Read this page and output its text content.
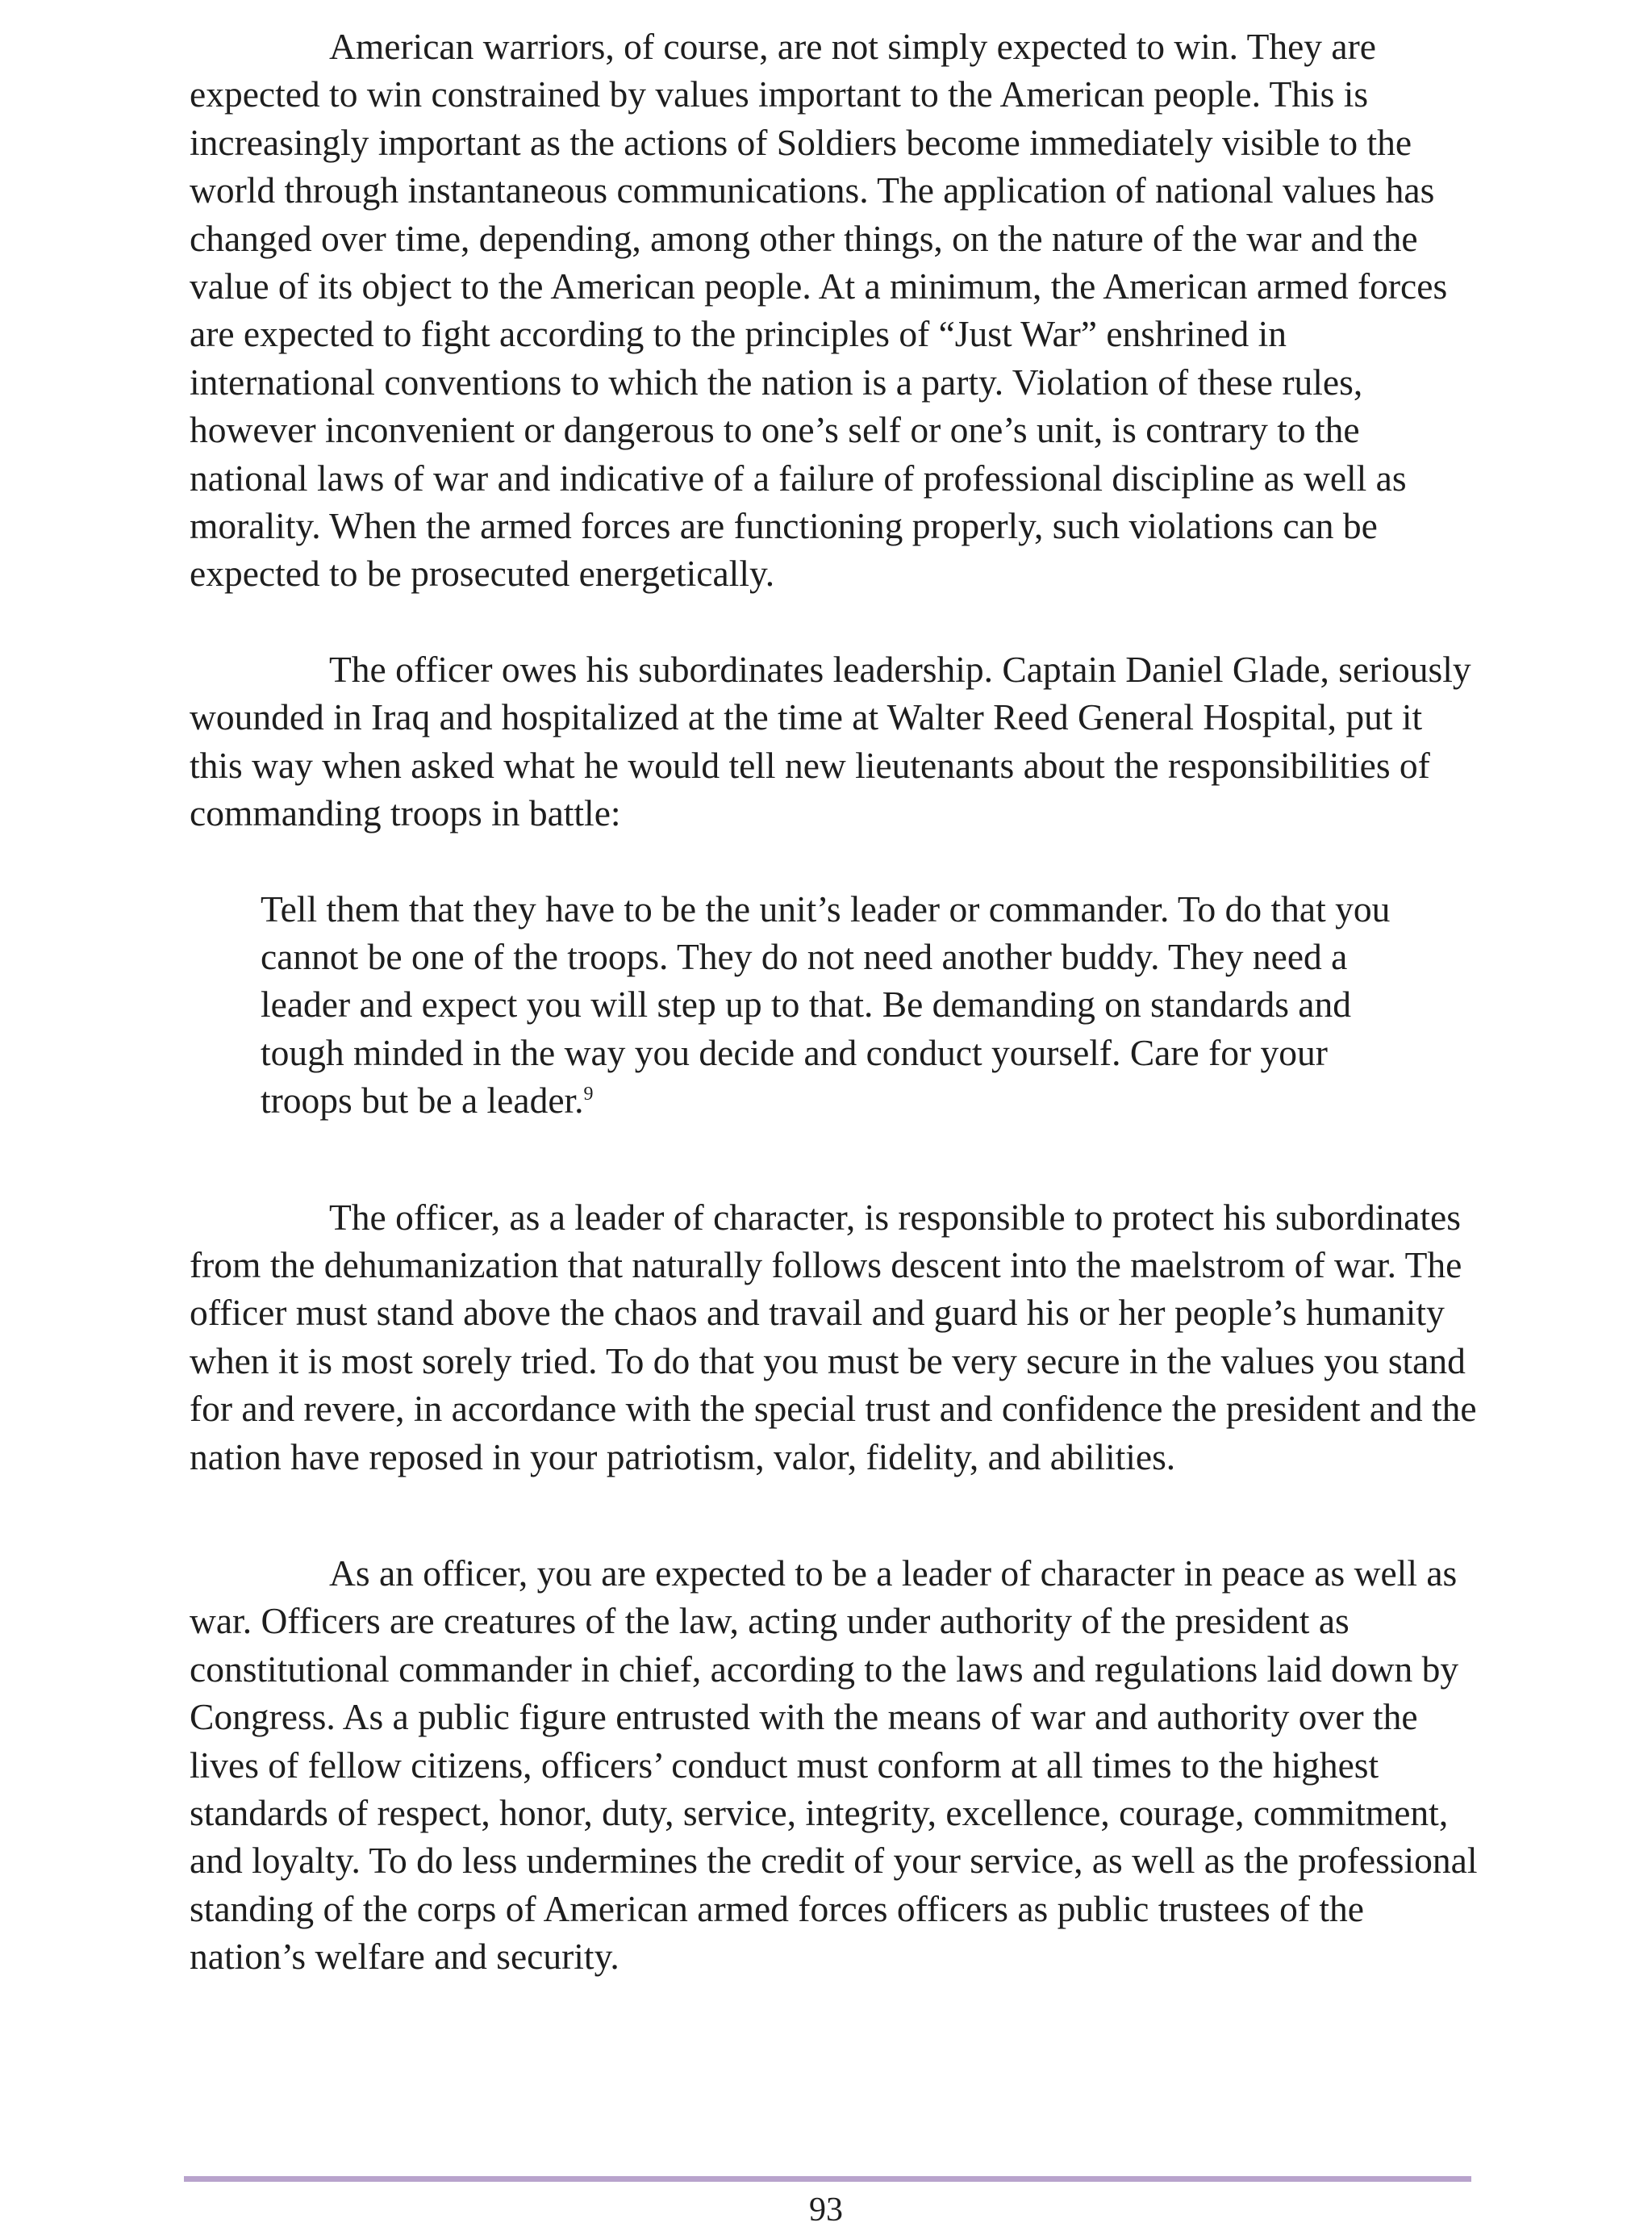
American warriors, of course, are not simply expected to win. They are expected to win constrained by values important to the American people. This is increasingly important as the actions of Soldiers become immediately visible to the world through instantaneous communications. The application of national values has changed over time, depending, among other things, on the nature of the war and the value of its object to the American people. At a minimum, the American armed forces are expected to fight according to the principles of “Just War” enshrined in international conventions to which the nation is a party. Violation of these rules, however inconvenient or dangerous to one’s self or one’s unit, is contrary to the national laws of war and indicative of a failure of professional discipline as well as morality. When the armed forces are functioning properly, such violations can be expected to be prosecuted energetically.

The officer owes his subordinates leadership. Captain Daniel Glade, seriously wounded in Iraq and hospitalized at the time at Walter Reed General Hospital, put it this way when asked what he would tell new lieutenants about the responsibilities of commanding troops in battle:

Tell them that they have to be the unit’s leader or commander. To do that you cannot be one of the troops. They do not need another buddy. They need a leader and expect you will step up to that. Be demanding on standards and tough minded in the way you decide and conduct yourself. Care for your troops but be a leader.$^9$

The officer, as a leader of character, is responsible to protect his subordinates from the dehumanization that naturally follows descent into the maelstrom of war. The officer must stand above the chaos and travail and guard his or her people’s humanity when it is most sorely tried. To do that you must be very secure in the values you stand for and revere, in accordance with the special trust and confidence the president and the nation have reposed in your patriotism, valor, fidelity, and abilities.

As an officer, you are expected to be a leader of character in peace as well as war. Officers are creatures of the law, acting under authority of the president as constitutional commander in chief, according to the laws and regulations laid down by Congress. As a public figure entrusted with the means of war and authority over the lives of fellow citizens, officers’ conduct must conform at all times to the highest standards of respect, honor, duty, service, integrity, excellence, courage, commitment, and loyalty. To do less undermines the credit of your service, as well as the professional standing of the corps of American armed forces officers as public trustees of the nation’s welfare and security.

93
